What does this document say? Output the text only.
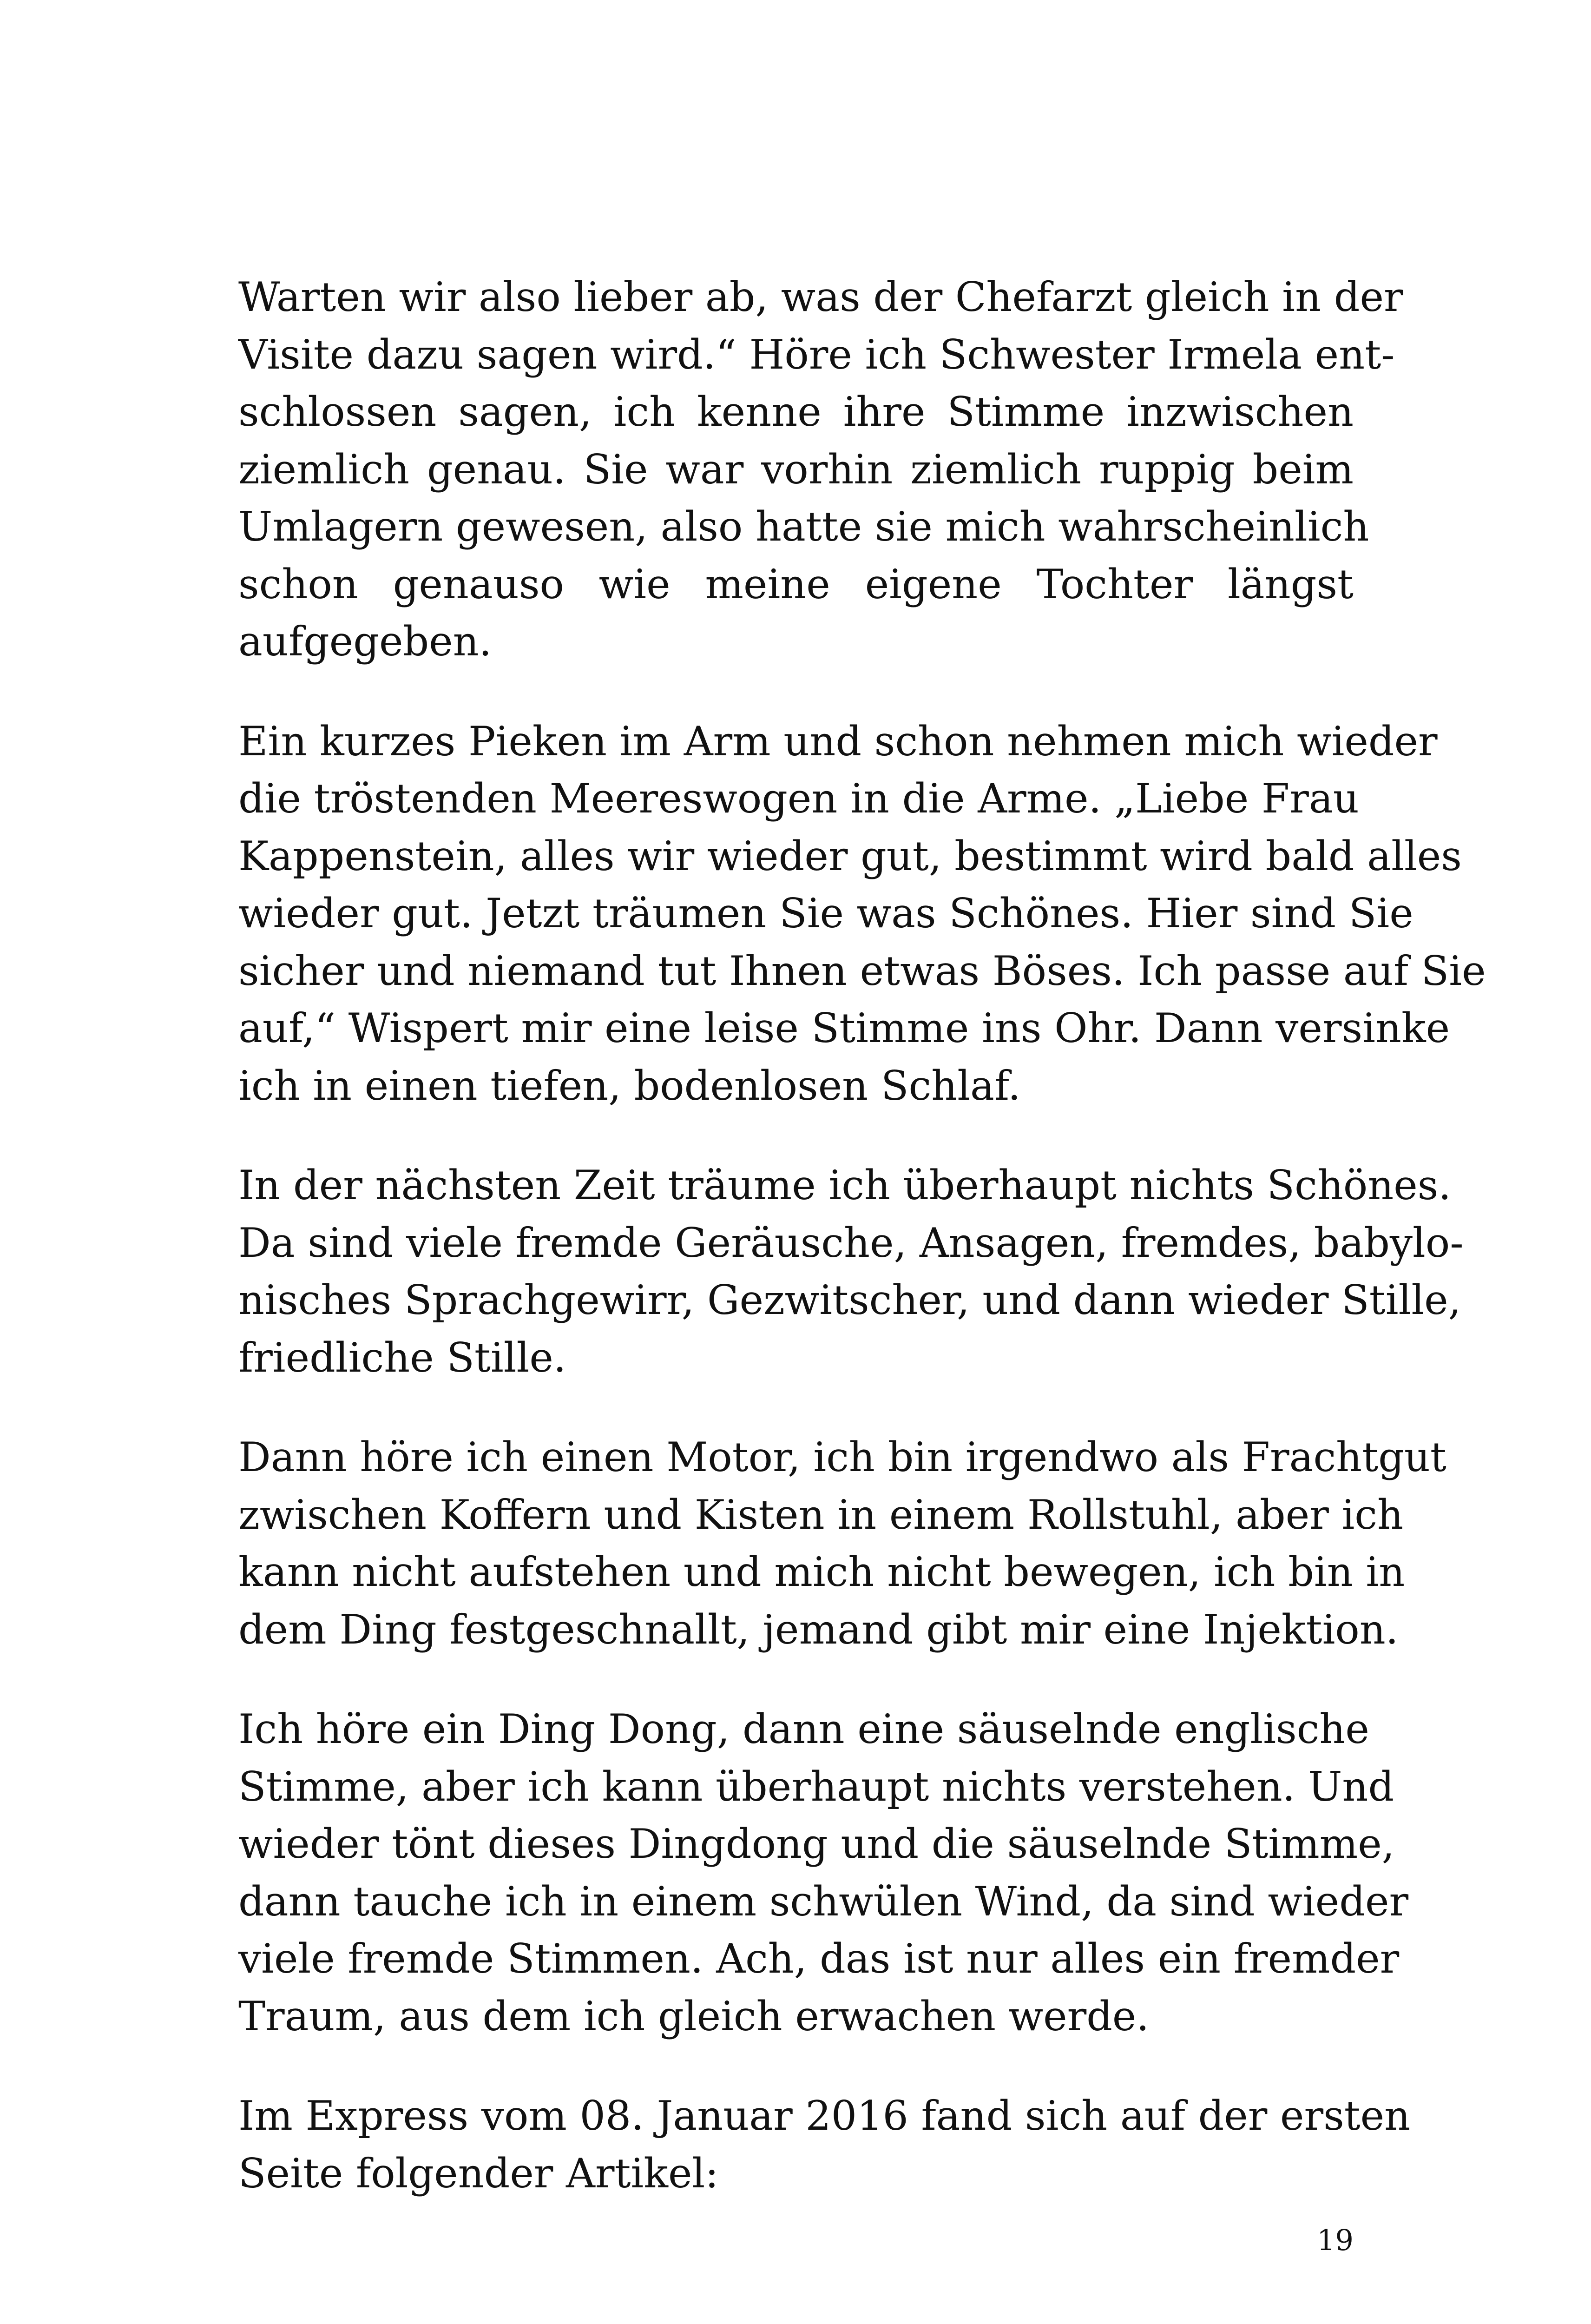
Warten wir also lieber ab, was der Chefarzt gleich in der
Visite dazu sagen wird.“ Höre ich Schwester Irmela ent-
schlossen sagen, ich kenne ihre Stimme inzwischen
ziemlich genau. Sie war vorhin ziemlich ruppig beim
Umlagern gewesen, also hatte sie mich wahrscheinlich
schon genauso wie meine eigene Tochter längst
aufgegeben.

Ein kurzes Pieken im Arm und schon nehmen mich wieder
die tröstenden Meereswogen in die Arme. „Liebe Frau
Kappenstein, alles wir wieder gut, bestimmt wird bald alles
wieder gut. Jetzt träumen Sie was Schönes. Hier sind Sie
sicher und niemand tut Ihnen etwas Böses. Ich passe auf Sie
auf,“ Wispert mir eine leise Stimme ins Ohr. Dann versinke
ich in einen tiefen, bodenlosen Schlaf.

In der nächsten Zeit träume ich überhaupt nichts Schönes.
Da sind viele fremde Geräusche, Ansagen, fremdes, babylo-
nisches Sprachgewirr, Gezwitscher, und dann wieder Stille,
friedliche Stille.

Dann höre ich einen Motor, ich bin irgendwo als Frachtgut
zwischen Koffern und Kisten in einem Rollstuhl, aber ich
kann nicht aufstehen und mich nicht bewegen, ich bin in
dem Ding festgeschnallt, jemand gibt mir eine Injektion.

Ich höre ein Ding Dong, dann eine säuselnde englische
Stimme, aber ich kann überhaupt nichts verstehen. Und
wieder tönt dieses Dingdong und die säuselnde Stimme,
dann tauche ich in einem schwülen Wind, da sind wieder
viele fremde Stimmen. Ach, das ist nur alles ein fremder
Traum, aus dem ich gleich erwachen werde.

Im Express vom 08. Januar 2016 fand sich auf der ersten
Seite folgender Artikel:

19
